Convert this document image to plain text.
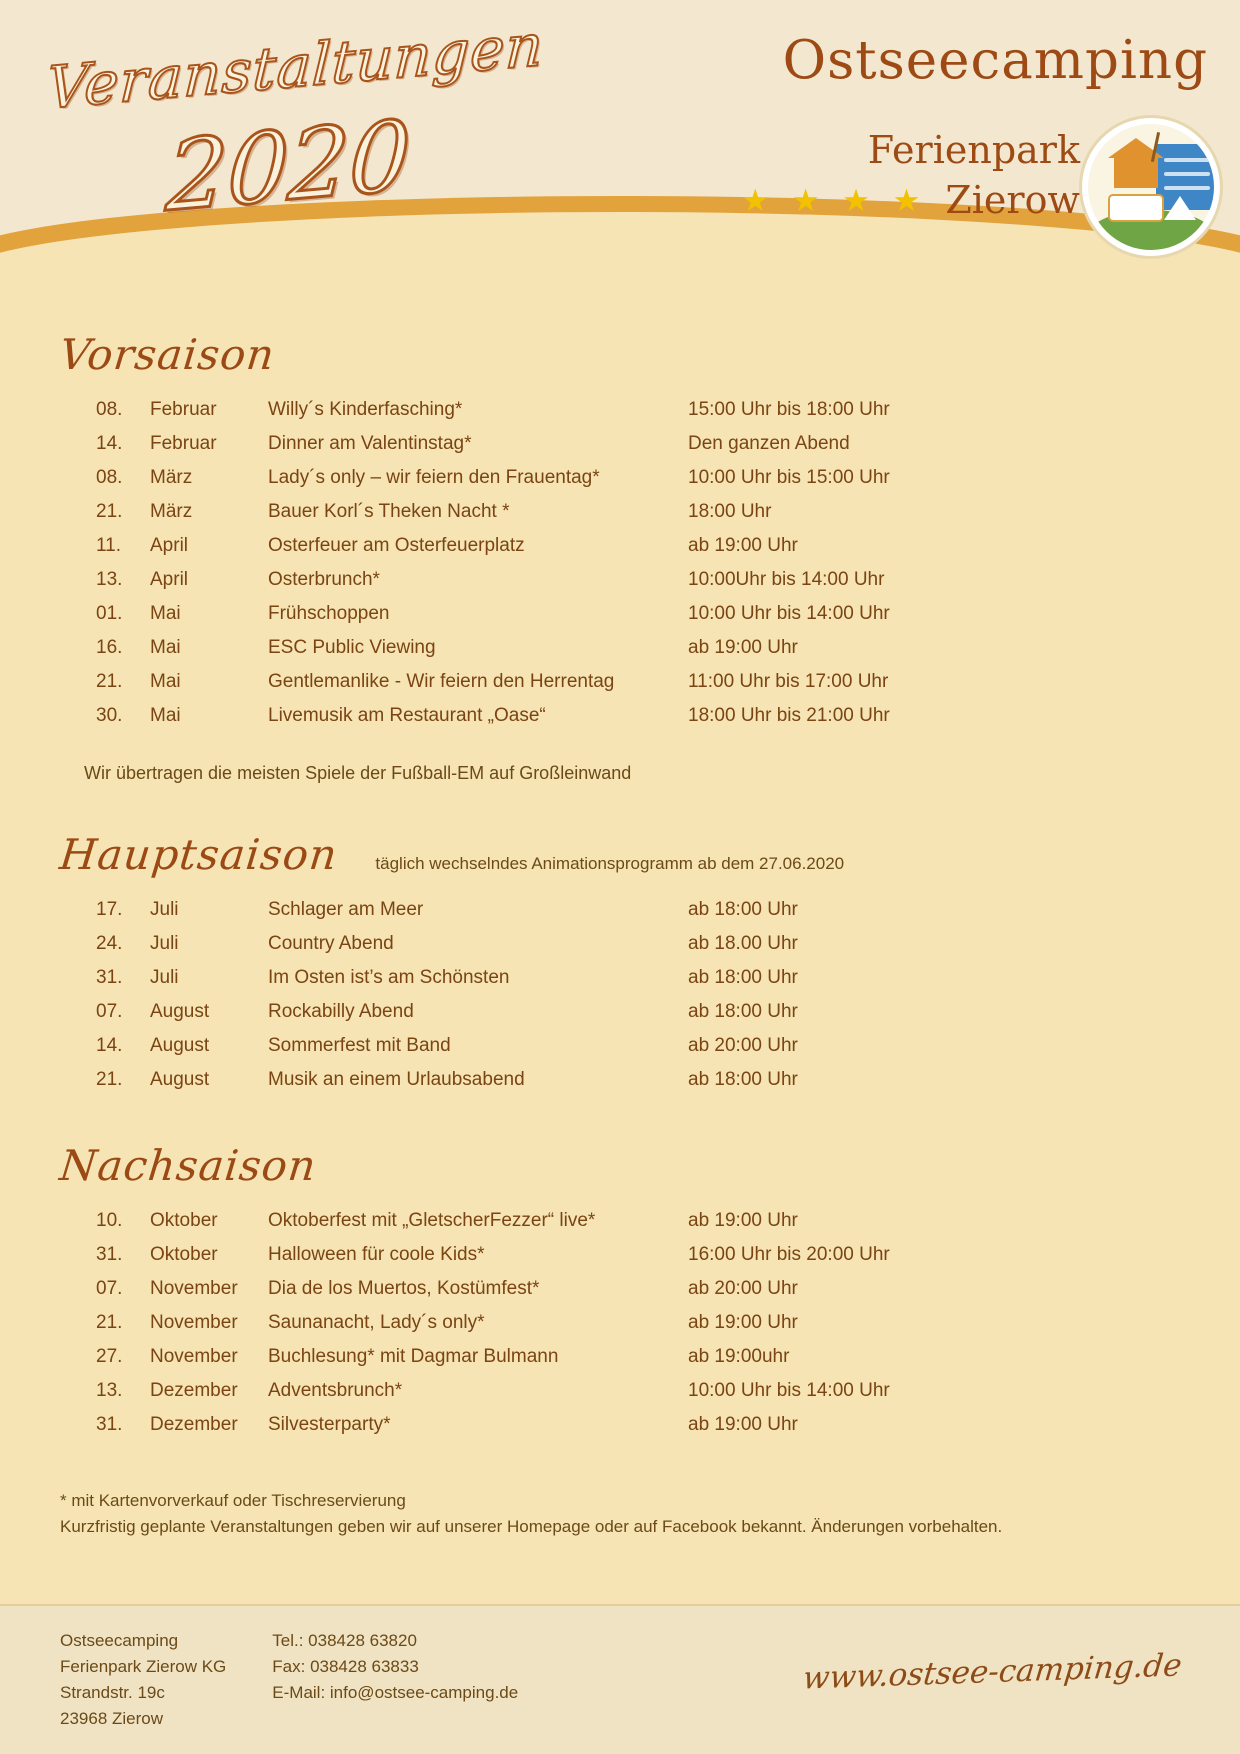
Veranstaltungen
2020
Ostseecamping
Ferienpark
★ ★ ★ ★ Zierow
Vorsaison
08.	Februar	Willy´s Kinderfasching*	15:00 Uhr bis 18:00 Uhr
14.	Februar	Dinner am Valentinstag*	Den ganzen Abend
08.	März	Lady´s only – wir feiern den Frauentag*	10:00 Uhr bis 15:00 Uhr
21.	März	Bauer Korl´s Theken Nacht *	18:00 Uhr
11.	April	Osterfeuer am Osterfeuerplatz	ab 19:00 Uhr
13.	April	Osterbrunch*	10:00Uhr bis 14:00 Uhr
01.	Mai	Frühschoppen	10:00 Uhr bis 14:00 Uhr
16.	Mai	ESC Public Viewing	ab 19:00 Uhr
21.	Mai	Gentlemanlike - Wir feiern den Herrentag	11:00 Uhr bis 17:00 Uhr
30.	Mai	Livemusik am Restaurant „Oase“	18:00 Uhr bis 21:00 Uhr
Wir übertragen die meisten Spiele der Fußball-EM auf Großleinwand
Hauptsaison täglich wechselndes Animationsprogramm ab dem 27.06.2020
17.	Juli	Schlager am Meer	ab 18:00 Uhr
24.	Juli	Country Abend	ab 18.00 Uhr
31.	Juli	Im Osten ist’s am Schönsten	ab 18:00 Uhr
07.	August	Rockabilly Abend	ab 18:00 Uhr
14.	August	Sommerfest mit Band	ab 20:00 Uhr
21.	August	Musik an einem Urlaubsabend	ab 18:00 Uhr
Nachsaison
10.	Oktober	Oktoberfest mit „GletscherFezzer“ live*	ab 19:00 Uhr
31.	Oktober	Halloween für coole Kids*	16:00 Uhr bis 20:00 Uhr
07.	November	Dia de los Muertos, Kostümfest*	ab 20:00 Uhr
21.	November	Saunanacht, Lady´s only*	ab 19:00 Uhr
27.	November	Buchlesung* mit Dagmar Bulmann	ab 19:00uhr
13.	Dezember	Adventsbrunch*	10:00 Uhr bis 14:00 Uhr
31.	Dezember	Silvesterparty*	ab 19:00 Uhr
* mit Kartenvorverkauf oder Tischreservierung
Kurzfristig geplante Veranstaltungen geben wir auf unserer Homepage oder auf Facebook bekannt. Änderungen vorbehalten.
Ostseecamping
Ferienpark Zierow KG
Strandstr. 19c
23968 Zierow
Tel.: 038428 63820
Fax: 038428 63833
E-Mail: info@ostsee-camping.de	www.ostsee-camping.de
